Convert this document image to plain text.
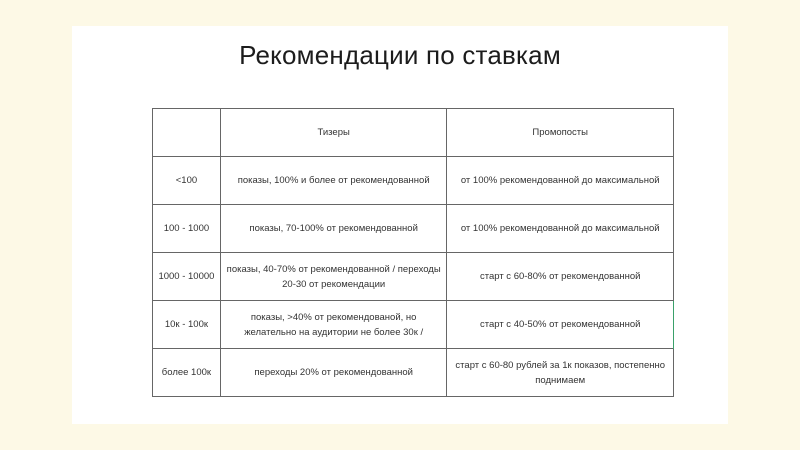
Рекомендации по ставкам
	Тизеры	Промопосты
<100	показы, 100% и более от рекомендованной	от 100% рекомендованной до максимальной
100 - 1000	показы, 70-100% от рекомендованной	от 100% рекомендованной до максимальной
1000 - 10000	показы, 40-70% от рекомендованной / переходы 20-30 от рекомендации	старт с 60-80% от рекомендованной
10к - 100к	показы, >40% от рекомендованой, но желательно на аудитории не более 30к /	старт с 40-50% от рекомендованной
более 100к	переходы 20% от рекомендованной	старт с 60-80 рублей за 1к показов, постепенно поднимаем
